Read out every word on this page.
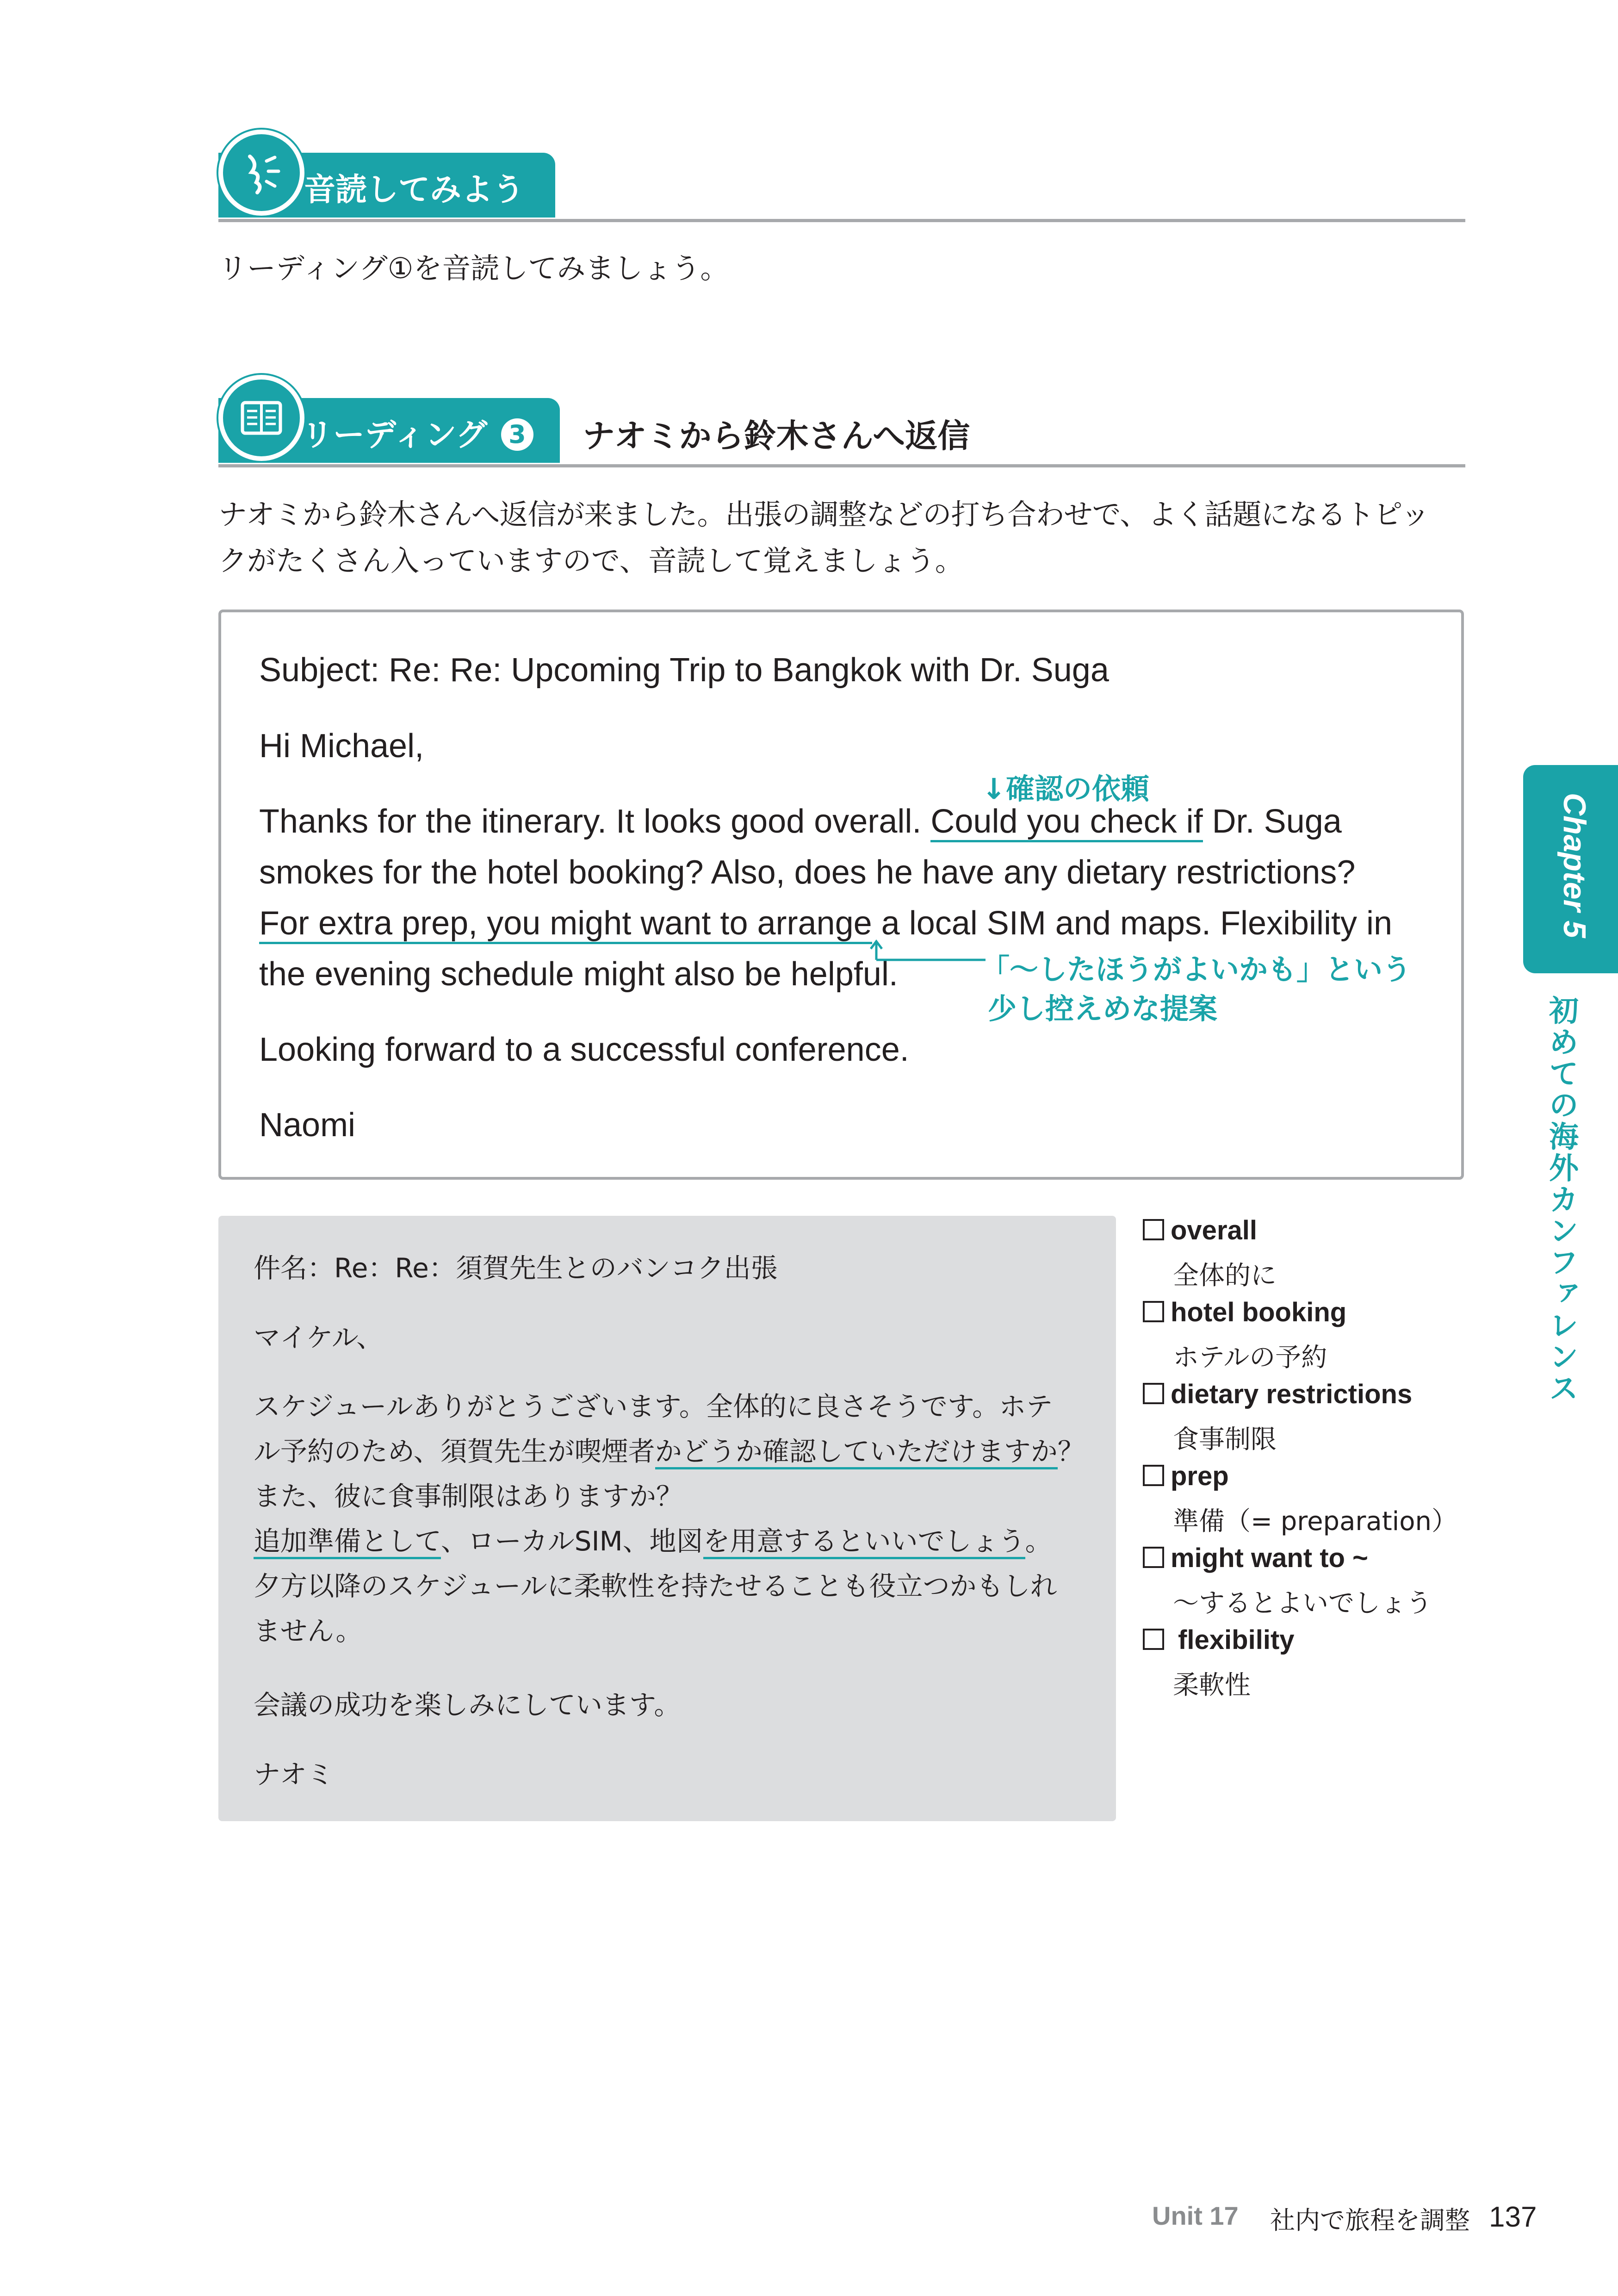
音読してみよう
リーディング①を音読してみましょう。
リーディング 3 ナオミから鈴木さんへ返信
ナオミから鈴木さんへ返信が来ました。出張の調整などの打ち合わせで、よく話題になるトピッ
クがたくさん入っていますので、音読して覚えましょう。
Subject: Re: Re: Upcoming Trip to Bangkok with Dr. Suga
Hi Michael,
Thanks for the itinerary. It looks good overall. Could you check if Dr. Suga
smokes for the hotel booking? Also, does he have any dietary restrictions?
For extra prep, you might want to arrange a local SIM and maps. Flexibility in
the evening schedule might also be helpful.
Looking forward to a successful conference.
Naomi
↓確認の依頼
「～したほうがよいかも」という
少し控えめな提案
件名：Re：Re：須賀先生とのバンコク出張
マイケル、
スケジュールありがとうございます。全体的に良さそうです。ホテ
ル予約のため、須賀先生が喫煙者かどうか確認していただけますか？
また、彼に食事制限はありますか？
追加準備として、ローカルSIM、地図を用意するといいでしょう。
夕方以降のスケジュールに柔軟性を持たせることも役立つかもしれ
ません。
会議の成功を楽しみにしています。
ナオミ
overall
全体的に
hotel booking
ホテルの予約
dietary restrictions
食事制限
prep
準備（= preparation）
might want to ~
～するとよいでしょう
flexibility
柔軟性
Chapter 5
初めての海外カンファレンス
Unit 17 社内で旅程を調整 137
